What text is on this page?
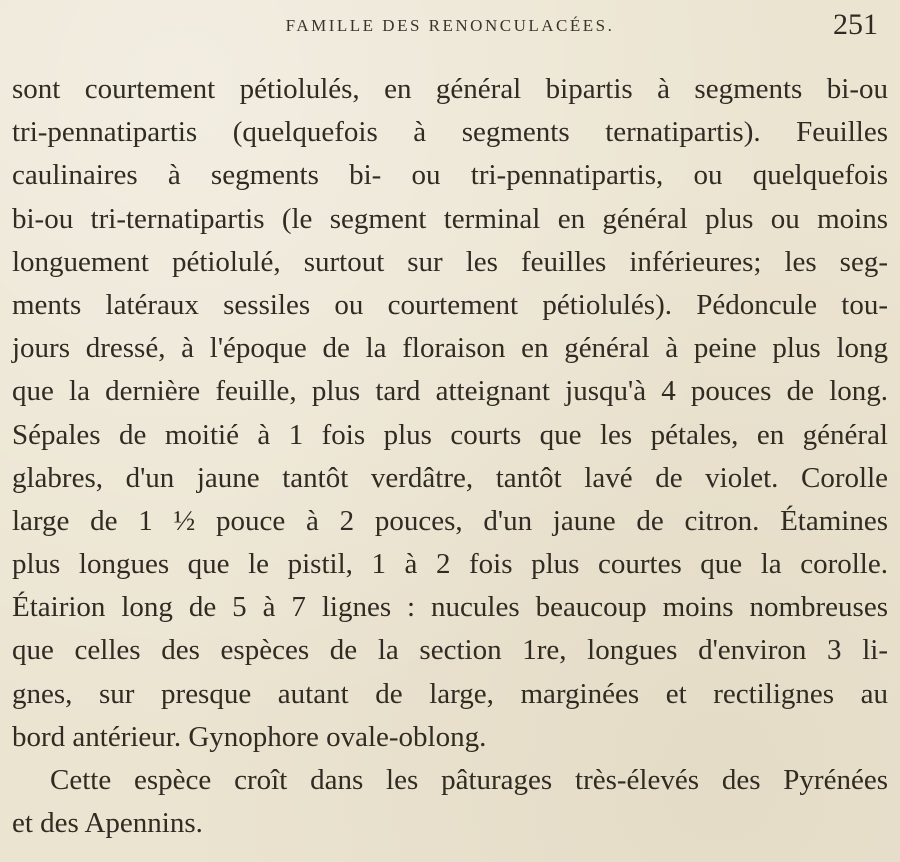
FAMILLE DES RENONCULACÉES.	251
sont courtement pétiolulés, en général bipartis à segments bi-ou
tri-pennatipartis (quelquefois à segments ternatipartis). Feuilles
caulinaires à segments bi- ou tri-pennatipartis, ou quelquefois
bi-ou tri-ternatipartis (le segment terminal en général plus ou moins
longuement pétiolulé, surtout sur les feuilles inférieures; les seg-
ments latéraux sessiles ou courtement pétiolulés). Pédoncule tou-
jours dressé, à l'époque de la floraison en général à peine plus long
que la dernière feuille, plus tard atteignant jusqu'à 4 pouces de long.
Sépales de moitié à 1 fois plus courts que les pétales, en général
glabres, d'un jaune tantôt verdâtre, tantôt lavé de violet. Corolle
large de 1 ½ pouce à 2 pouces, d'un jaune de citron. Étamines
plus longues que le pistil, 1 à 2 fois plus courtes que la corolle.
Étairion long de 5 à 7 lignes : nucules beaucoup moins nombreuses
que celles des espèces de la section 1re, longues d'environ 3 li-
gnes, sur presque autant de large, marginées et rectilignes au
bord antérieur. Gynophore ovale-oblong.
Cette espèce croît dans les pâturages très-élevés des Pyrénées
et des Apennins.
